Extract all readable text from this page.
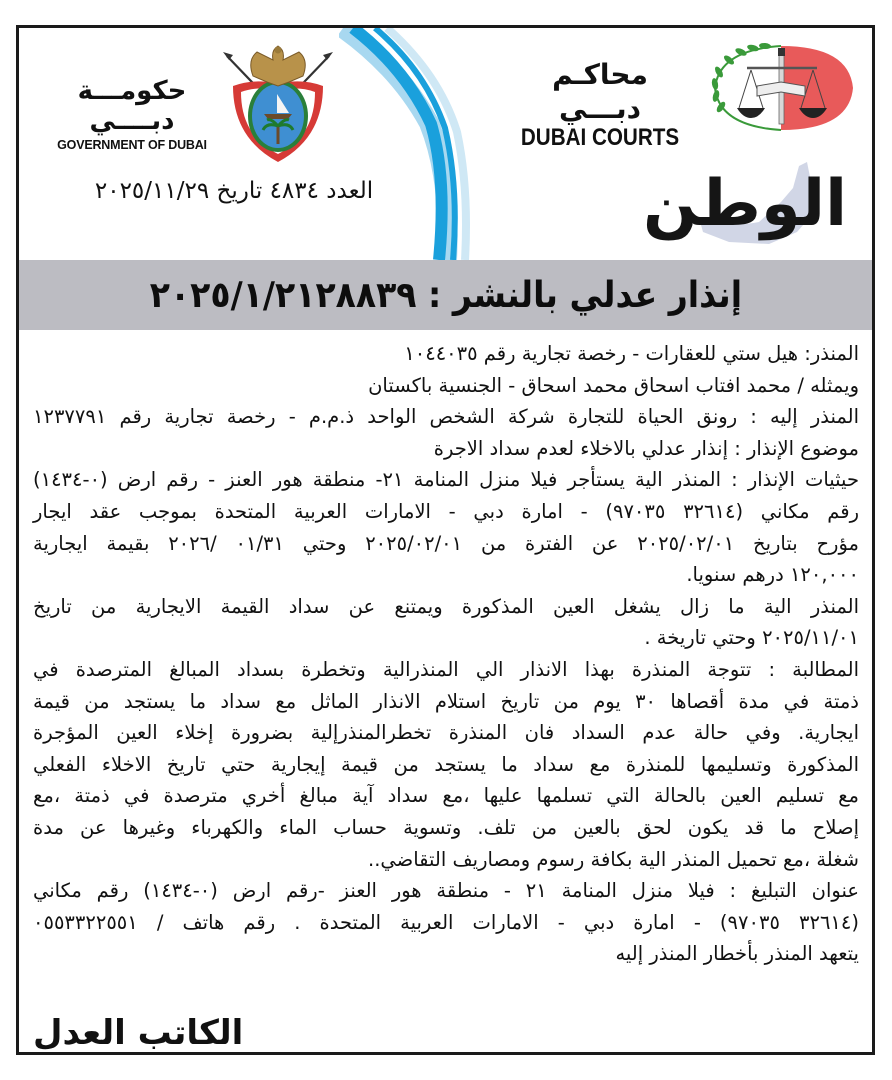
حكومـــة دبــــي
GOVERNMENT OF DUBAI
محاكـم دبـــي
DUBAI COURTS
العدد ٤٨٣٤ تاريخ ٢٠٢٥/١١/٢٩	الوطن
إنذار عدلي بالنشر : ٢٠٢٥/١/٢١٢٨٨٣٩
المنذر: هيل ستي للعقارات - رخصة تجارية رقم ١٠٤٤٠٣٥
ويمثله / محمد افتاب اسحاق محمد اسحاق - الجنسية باكستان
المنذر إليه : رونق الحياة للتجارة شركة الشخص الواحد ذ.م.م - رخصة تجارية رقم ١٢٣٧٧٩١
موضوع الإنذار : إنذار عدلي بالاخلاء لعدم سداد الاجرة
حيثيات الإنذار : المنذر الية يستأجر فيلا منزل المنامة ٢١- منطقة هور العنز - رقم ارض (٠-١٤٣٤)
رقم مكاني (٣٢٦١٤ ٩٧٠٣٥) - امارة دبي - الامارات العربية المتحدة بموجب عقد ايجار
مؤرح بتاريخ ٢٠٢٥/٠٢/٠١ عن الفترة من ٢٠٢٥/٠٢/٠١ وحتي ٠١/٣١ /٢٠٢٦ بقيمة ايجارية
١٢٠,٠٠٠ درهم سنويا.
المنذر الية ما زال يشغل العين المذكورة ويمتنع عن سداد القيمة الايجارية من تاريخ
٢٠٢٥/١١/٠١ وحتي تاريخة .
المطالبة : تتوجة المنذرة بهذا الانذار الي المنذرالية وتخطرة بسداد المبالغ المترصدة في
ذمتة في مدة أقصاها ٣٠ يوم من تاريخ استلام الانذار الماثل مع سداد ما يستجد من قيمة
ايجارية. وفي حالة عدم السداد فان المنذرة تخطرالمنذرإلية بضرورة إخلاء العين المؤجرة
المذكورة وتسليمها للمنذرة مع سداد ما يستجد من قيمة إيجارية حتي تاريخ الاخلاء الفعلي
مع تسليم العين بالحالة التي تسلمها عليها ،مع سداد آية مبالغ أخري مترصدة في ذمتة ،مع
إصلاح ما قد يكون لحق بالعين من تلف. وتسوية حساب الماء والكهرباء وغيرها عن مدة
شغلة ،مع تحميل المنذر الية بكافة رسوم ومصاريف التقاضي..
عنوان التبليغ : فيلا منزل المنامة ٢١ - منطقة هور العنز -رقم ارض (٠-١٤٣٤) رقم مكاني
(٣٢٦١٤ ٩٧٠٣٥) - امارة دبي - الامارات العربية المتحدة . رقم هاتف / ٠٥٥٣٣٢٢٥٥١
يتعهد المنذر بأخطار المنذر إليه
الكاتب العدل
